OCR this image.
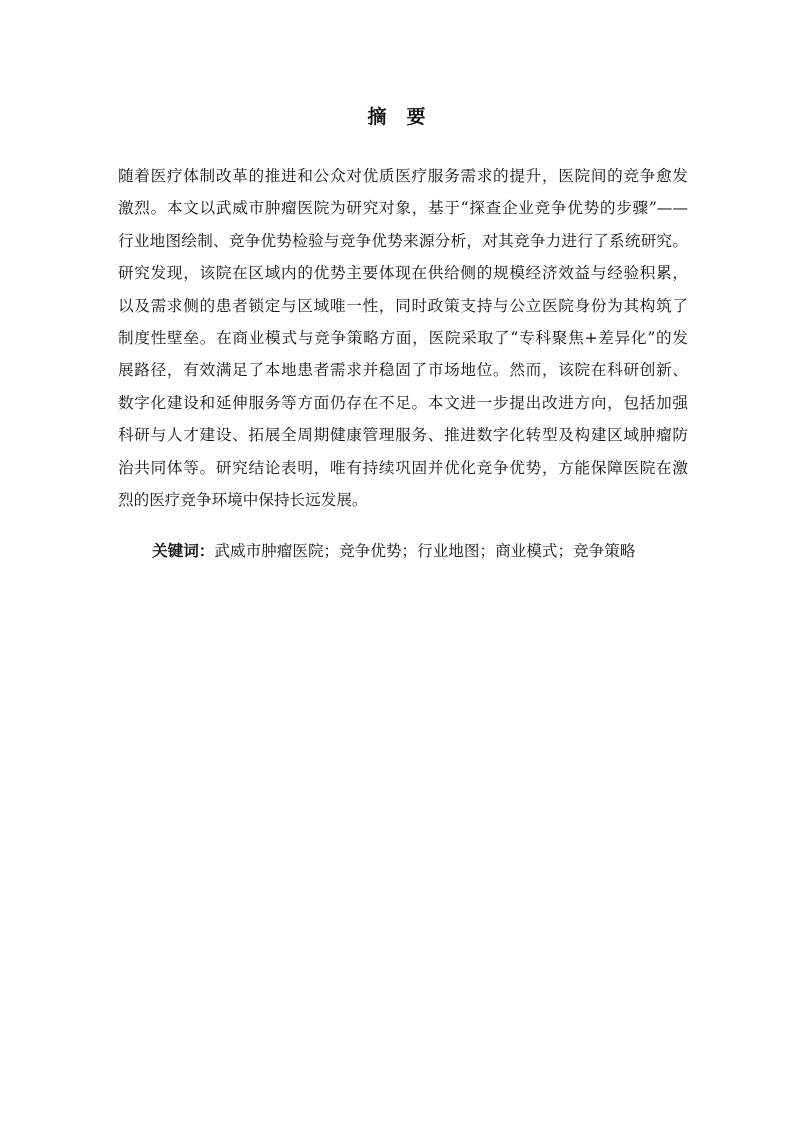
摘 要
随着医疗体制改革的推进和公众对优质医疗服务需求的提升，医院间的竞争愈发
激烈。本文以武威市肿瘤医院为研究对象，基于“探查企业竞争优势的步骤”——
行业地图绘制、竞争优势检验与竞争优势来源分析，对其竞争力进行了系统研究。
研究发现，该院在区域内的优势主要体现在供给侧的规模经济效益与经验积累，
以及需求侧的患者锁定与区域唯一性，同时政策支持与公立医院身份为其构筑了
制度性壁垒。在商业模式与竞争策略方面，医院采取了“专科聚焦+差异化”的发
展路径，有效满足了本地患者需求并稳固了市场地位。然而，该院在科研创新、
数字化建设和延伸服务等方面仍存在不足。本文进一步提出改进方向，包括加强
科研与人才建设、拓展全周期健康管理服务、推进数字化转型及构建区域肿瘤防
治共同体等。研究结论表明，唯有持续巩固并优化竞争优势，方能保障医院在激
烈的医疗竞争环境中保持长远发展。
关键词：武威市肿瘤医院；竞争优势；行业地图；商业模式；竞争策略
